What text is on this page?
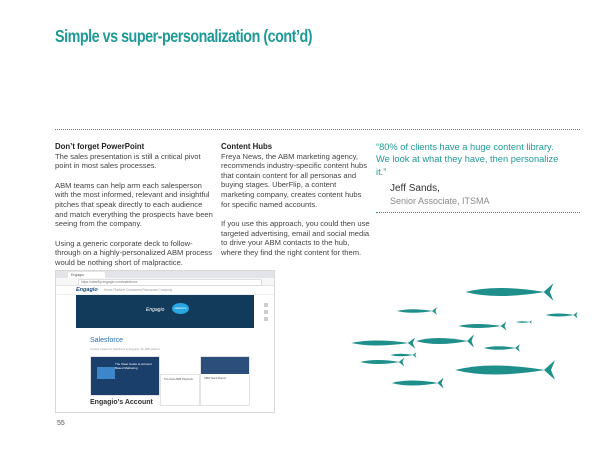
Simple vs super-personalization (cont’d)
Don’t forget PowerPoint

The sales presentation is still a critical pivot point in most sales processes.

ABM teams can help arm each salesperson with the most informed, relevant and insightful pitches that speak directly to each audience and match everything the prospects have been seeing from the company.

Using a generic corporate deck to follow-through on a highly-personalized ABM process would be nothing short of malpractice.

Content Hubs

Freya News, the ABM marketing agency, recommends industry-specific content hubs that contain content for all personas and buying stages. UberFlip, a content marketing company, creates content hubs for specific named accounts.

If you use this approach, you could then use targeted advertising, email and social media to drive your ABM contacts to the hub, where they find the right content for them.

“80% of clients have a huge content library. We look at what they have, then personalize it.”
Jeff Sands,
Senior Associate, ITSMA
Engagio
https://uberflip.engagio.com/salesforce
Engagio Home Platform Customers Resources Company
Engagio	salesforce
Salesforce
Content curated for Salesforce by Engagio, the ABM platform
The Clear Guide to Account Based Marketing
The New ABM Playbook	ABM Stack Report
Engagio's Account
55
